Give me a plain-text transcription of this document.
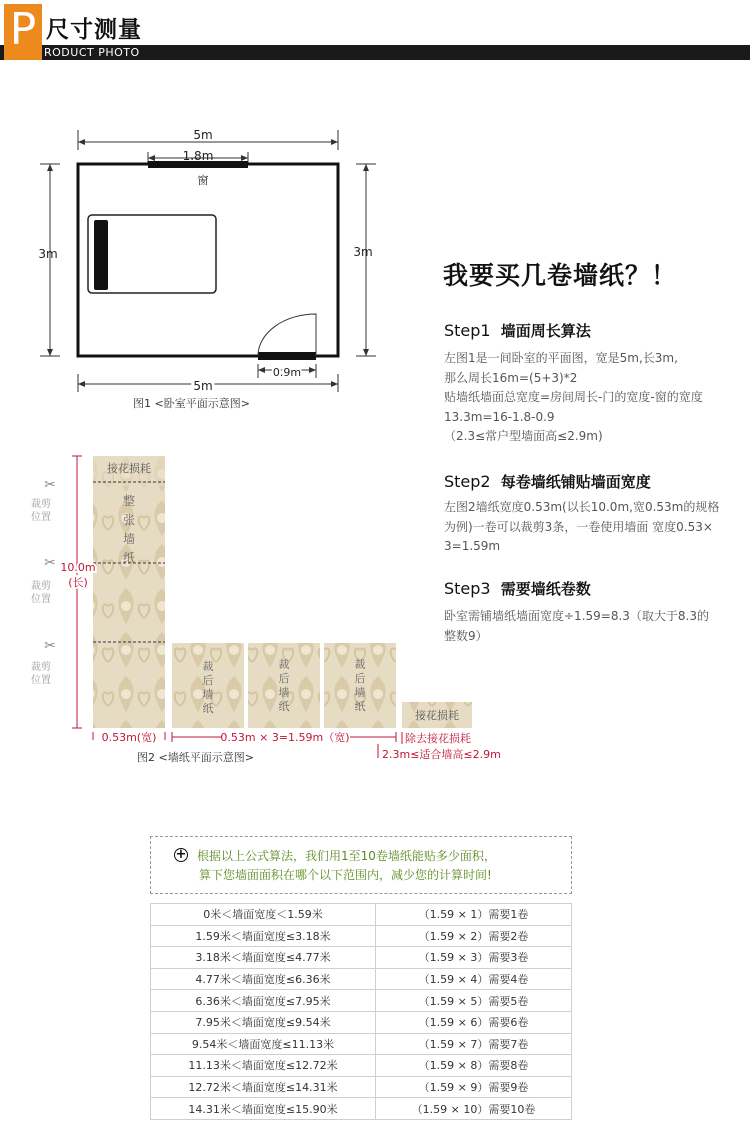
P 尺寸测量
RODUCT PHOTO
5m
1.8m
窗
3m	3m
0.9m
5m
图1 <卧室平面示意图>
接花损耗
整
张
墙
纸
✂
裁 剪
位 置
✂
裁 剪
位 置
✂
裁 剪
位 置
10.0m
(长)
裁
后
墙
纸
裁
后
墙
纸
裁
后
墙
纸
接花损耗
0.53m(宽)	0.53m × 3=1.59m（宽)	除去接花损耗
2.3m≤适合墙高≤2.9m
图2 <墙纸平面示意图>
我要买几卷墙纸？！
Step1 墙面周长算法
左图1是一间卧室的平面图，宽是5m,长3m,
那么周长16m=(5+3)*2
贴墙纸墙面总宽度=房间周长-门的宽度-窗的宽度
13.3m=16-1.8-0.9
（2.3≤常户型墙面高≤2.9m)
Step2 每卷墙纸铺贴墙面宽度
左图2墙纸宽度0.53m(以长10.0m,宽0.53m的规格
为例)一卷可以裁剪3条，一卷使用墙面 宽度0.53×
3=1.59m
Step3 需要墙纸卷数
卧室需铺墙纸墙面宽度÷1.59=8.3（取大于8.3的
整数9）
+ 根据以上公式算法，我们用1至10卷墙纸能贴多少面积，
算下您墙面面积在哪个以下范围内，减少您的计算时间!
0米＜墙面宽度＜1.59米	（1.59 × 1）需要1卷
1.59米＜墙面宽度≤3.18米	（1.59 × 2）需要2卷
3.18米＜墙面宽度≤4.77米	（1.59 × 3）需要3卷
4.77米＜墙面宽度≤6.36米	（1.59 × 4）需要4卷
6.36米＜墙面宽度≤7.95米	（1.59 × 5）需要5卷
7.95米＜墙面宽度≤9.54米	（1.59 × 6）需要6卷
9.54米＜墙面宽度≤11.13米	（1.59 × 7）需要7卷
11.13米＜墙面宽度≤12.72米	（1.59 × 8）需要8卷
12.72米＜墙面宽度≤14.31米	（1.59 × 9）需要9卷
14.31米＜墙面宽度≤15.90米	（1.59 × 10）需要10卷
